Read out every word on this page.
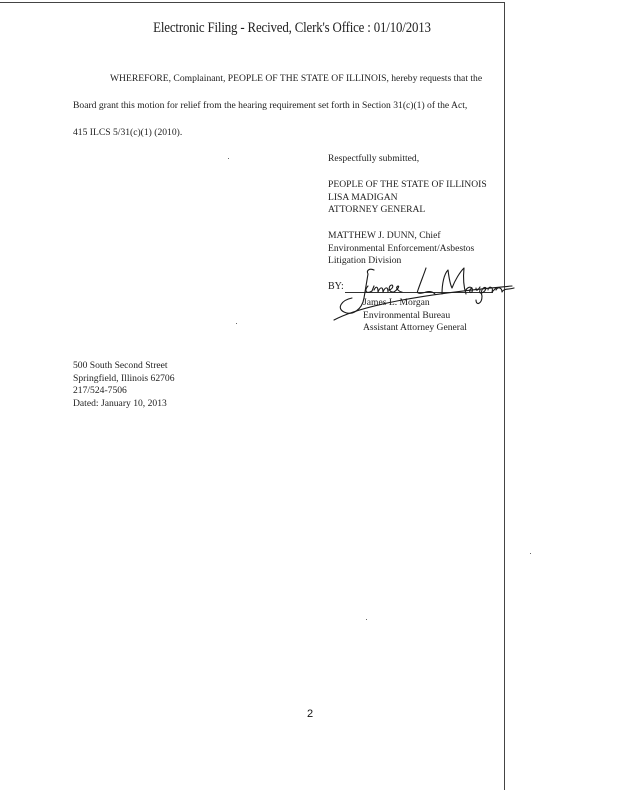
Electronic Filing - Recived, Clerk's Office : 01/10/2013
WHEREFORE, Complainant, PEOPLE OF THE STATE OF ILLINOIS, hereby requests that the
Board grant this motion for relief from the hearing requirement set forth in Section 31(c)(1) of the Act,
415 ILCS 5/31(c)(1) (2010).
Respectfully submitted,
PEOPLE OF THE STATE OF ILLINOIS
LISA MADIGAN
ATTORNEY GENERAL
MATTHEW J. DUNN, Chief
Environmental Enforcement/Asbestos
Litigation Division
BY:
James L. Morgan
Environmental Bureau
Assistant Attorney General
500 South Second Street
Springfield, Illinois 62706
217/524-7506
Dated: January 10, 2013
2
